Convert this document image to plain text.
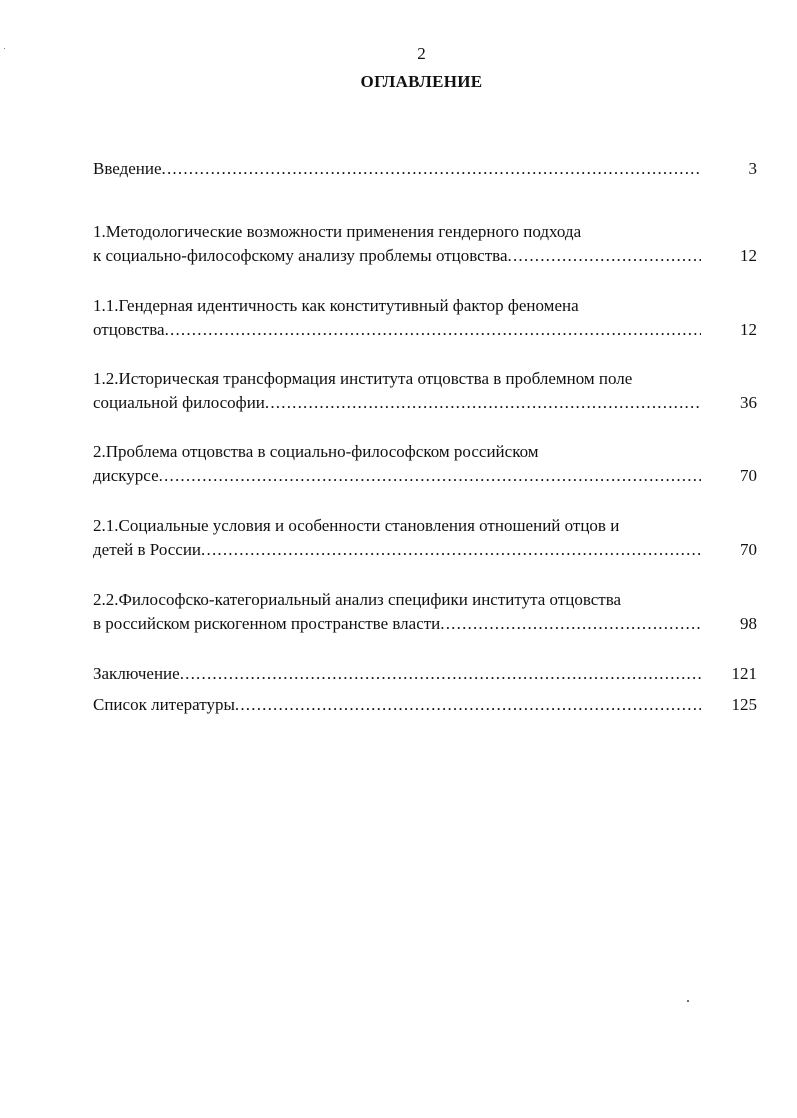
2
ОГЛАВЛЕНИЕ
Введение .....	3
1.Методологические возможности применения гендерного подхода
к социально-философскому анализу проблемы отцовства .....	12
1.1.Гендерная идентичность как конститутивный фактор феномена
отцовства .....	12
1.2.Историческая трансформация института отцовства в проблемном поле
социальной философии .....	36
2.Проблема отцовства в социально-философском российском
дискурсе .....	70
2.1.Социальные условия и особенности становления отношений отцов и
детей в России .....	70
2.2.Философско-категориальный анализ специфики института отцовства
в российском рискогенном пространстве власти .....	98
Заключение .....	121
Список литературы .....	125
